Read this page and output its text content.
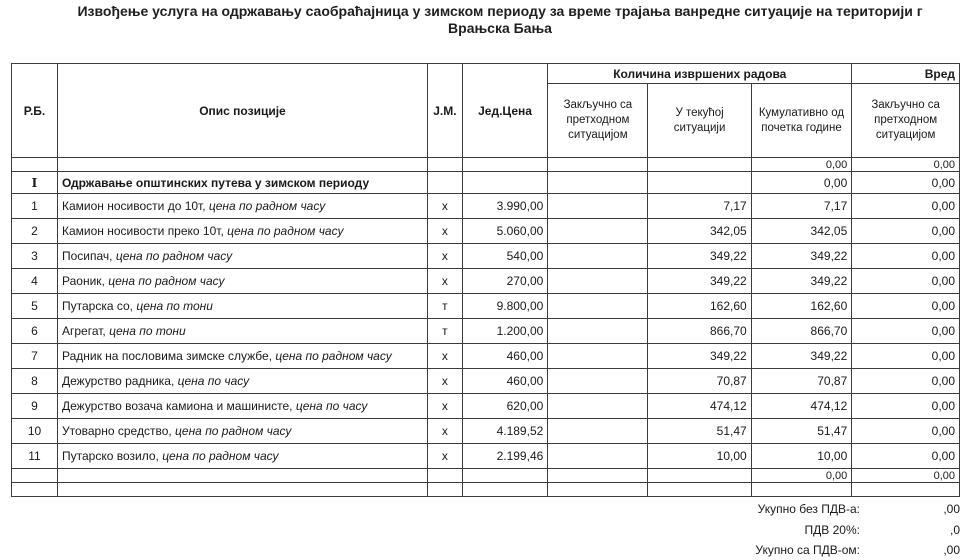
Извођење услуга на одржавању саобраћајница у зимском периоду за време трајања ванредне ситуације на територији г
Врањска Бања
Р.Б.	Опис позиције	Ј.М.	Јед.Цена	Количина извршених радова			Вред
				Закључно са претходном ситуацијом	У текућој ситуацији	Кумулативно од почетка године	Закључно са претходном ситуацијом
						0,00	0,00
I	Одржавање општинских путева у зимском периоду					0,00	0,00
1	Камион носивости до 10т, цена по радном часу	x	3.990,00		7,17	7,17	0,00
2	Камион носивости преко 10т, цена по радном часу	x	5.060,00		342,05	342,05	0,00
3	Посипач, цена по радном часу	x	540,00		349,22	349,22	0,00
4	Раоник, цена по радном часу	x	270,00		349,22	349,22	0,00
5	Путарска со, цена по тони	т	9.800,00		162,60	162,60	0,00
6	Агрегат, цена по тони	т	1.200,00		866,70	866,70	0,00
7	Радник на пословима зимске службе, цена по радном часу	x	460,00		349,22	349,22	0,00
8	Дежурство радника, цена по часу	x	460,00		70,87	70,87	0,00
9	Дежурство возача камиона и машинисте, цена по часу	x	620,00		474,12	474,12	0,00
10	Утоварно средство, цена по радном часу	x	4.189,52		51,47	51,47	0,00
11	Путарско возило, цена по радном часу	x	2.199,46		10,00	10,00	0,00
						0,00	0,00

Укупно без ПДВ-а:	,00
ПДВ 20%:	,0
Укупно са ПДВ-ом:	,00
